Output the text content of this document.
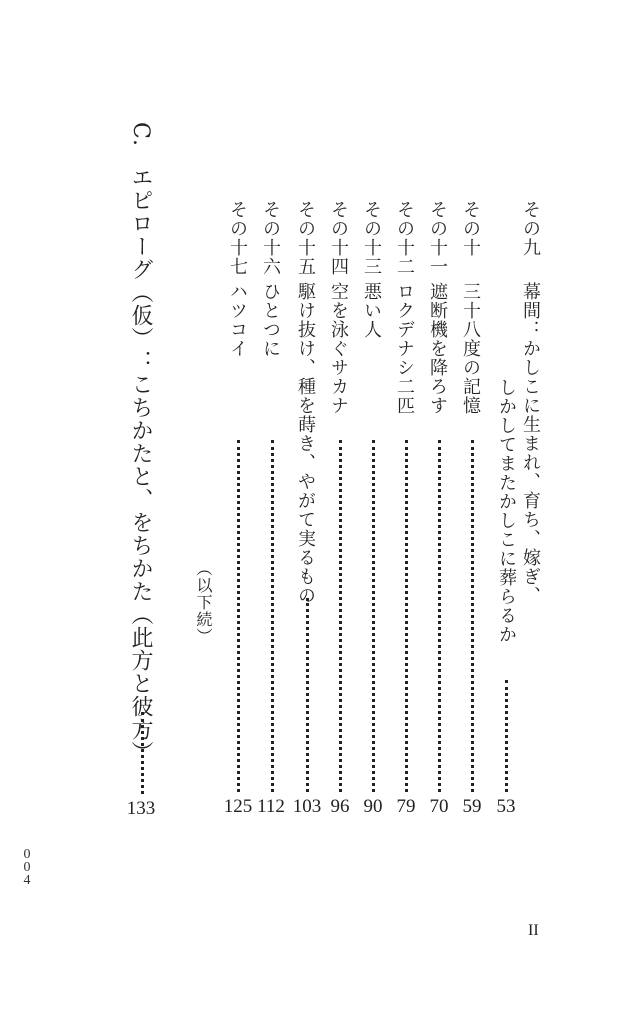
その九
幕間：かしこに生まれ、育ち、嫁ぎ、
しかしてまたかしこに葬らるか
53
その十
三十八度の記憶
59
その十一
遮断機を降ろす
70
その十二
ロクデナシ二匹
79
その十三
悪い人
90
その十四
空を泳ぐサカナ
96
その十五
駆け抜け、種を蒔き、やがて実るもの
103
その十六
ひとつに
112
その十七
ハツコイ
125
（以下続）
C.
エピローグ（仮）：こちかたと、をちかた（此方と彼方）
133
0
0
4
II
